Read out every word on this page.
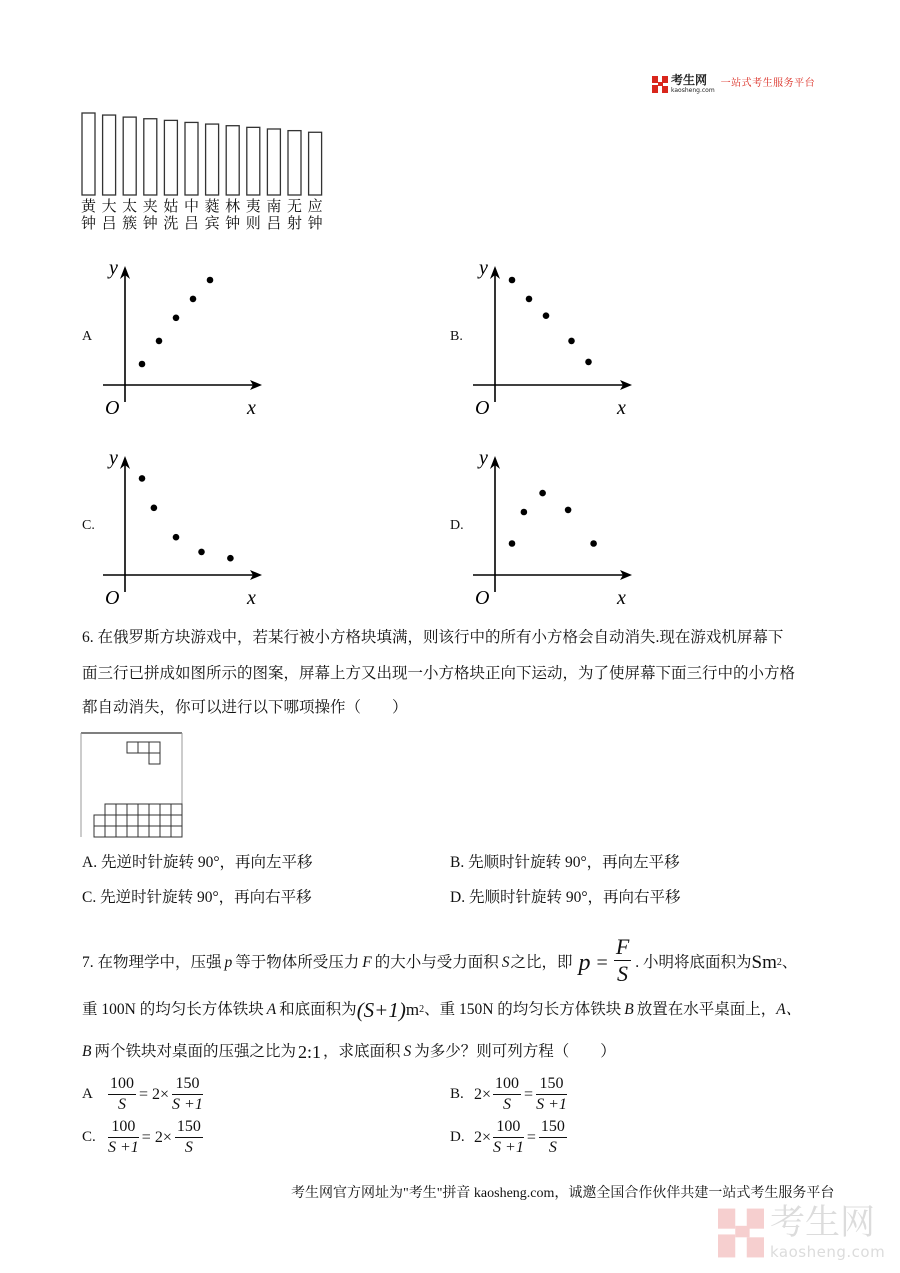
考生网
kaosheng.com
一站式考生服务平台
黄
钟
大
吕
太
簇
夹
钟
姑
洗
中
吕
蕤
宾
林
钟
夷
则
南
吕
无
射
应
钟
A
y
x
O
B.
y
x
O
C.
y
x
O
D.
y
x
O
6. 在俄罗斯方块游戏中，若某行被小方格块填满，则该行中的所有小方格会自动消失.现在游戏机屏幕下
面三行已拼成如图所示的图案，屏幕上方又出现一小方格块正向下运动，为了使屏幕下面三行中的小方格
都自动消失，你可以进行以下哪项操作（　　）
A. 先逆时针旋转 90°，再向左平移	B. 先顺时针旋转 90°，再向左平移
C. 先逆时针旋转 90°，再向右平移	D. 先顺时针旋转 90°，再向右平移
7. 在物理学中，压强 p 等于物体所受压力 F 的大小与受力面积 S 之比，即 $p = \frac{F}{S}$ . 小明将底面积为 Sm 2 、
重 100N 的均匀长方体铁块 A 和底面积为 (S+1) m 2 、重 150N 的均匀长方体铁块 B 放置在水平桌面上， A、
B 两个铁块对桌面的压强之比为 2:1 ，求底面积 S 为多少？则可列方程（　　）
A $\frac{100}{S} = 2\times \frac{150}{S +1}$	B. $2\times \frac{100}{S} = \frac{150}{S +1}$
C. $\frac{100}{S +1} = 2\times \frac{150}{S}$	D. $2\times \frac{100}{S +1} = \frac{150}{S}$
考生网官方网址为"考生"拼音 kaosheng.com，诚邀全国合作伙伴共建一站式考生服务平台
考生网
kaosheng.com
